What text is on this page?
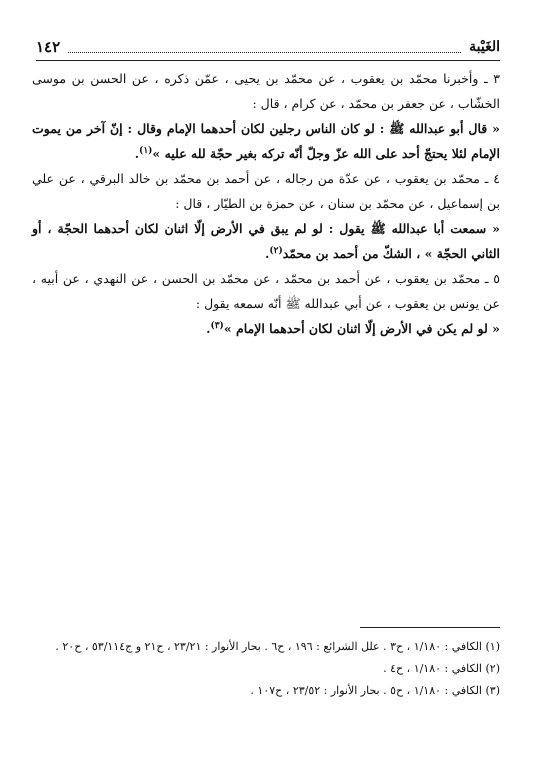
الغَيْبة
١٤٢

٣ ـ وأخبرنا محمّد بن يعقوب ، عن محمّد بن يحيى ، عمّن ذكره ، عن الحسن بن موسى الخشّاب ، عن جعفر بن محمّد ، عن كرام ، قال :

« قال أبو عبدالله ﷺ : لو كان الناس رجلين لكان أحدهما الإمام وقال : إنّ آخر من يموت الإمام لئلا يحتجّ أحد على الله عزّ وجلّ أنّه تركه بغير حجّة لله عليه »$^{(١)}$.

٤ ـ محمّد بن يعقوب ، عن عدّة من رجاله ، عن أحمد بن محمّد بن خالد البرقي ، عن علي بن إسماعيل ، عن محمّد بن سنان ، عن حمزة بن الطيّار ، قال :

« سمعت أبا عبدالله ﷺ يقول : لو لم يبق في الأرض إلّا اثنان لكان أحدهما الحجّة ، أو الثاني الحجّة » ، الشكّ من أحمد بن محمّد$^{(٢)}$.

٥ ـ محمّد بن يعقوب ، عن أحمد بن محمّد ، عن محمّد بن الحسن ، عن النهدي ، عن أبيه ، عن يونس بن يعقوب ، عن أبي عبدالله ﷺ أنّه سمعه يقول :

« لو لم يكن في الأرض إلّا اثنان لكان أحدهما الإمام »$^{(٣)}$.

(١) الكافي : ١/١٨٠ ، ح٣ . علل الشرائع : ١٩٦ ، ح٦ . بحار الأنوار : ٢٣/٢١ ، ح٢١ و ج٥٣/١١٤ ، ح٢٠ .

(٢) الكافي : ١/١٨٠ ، ح٤ .

(٣) الكافي : ١/١٨٠ ، ح٥ . بحار الأنوار : ٢٣/٥٢ ، ح١٠٧ .
